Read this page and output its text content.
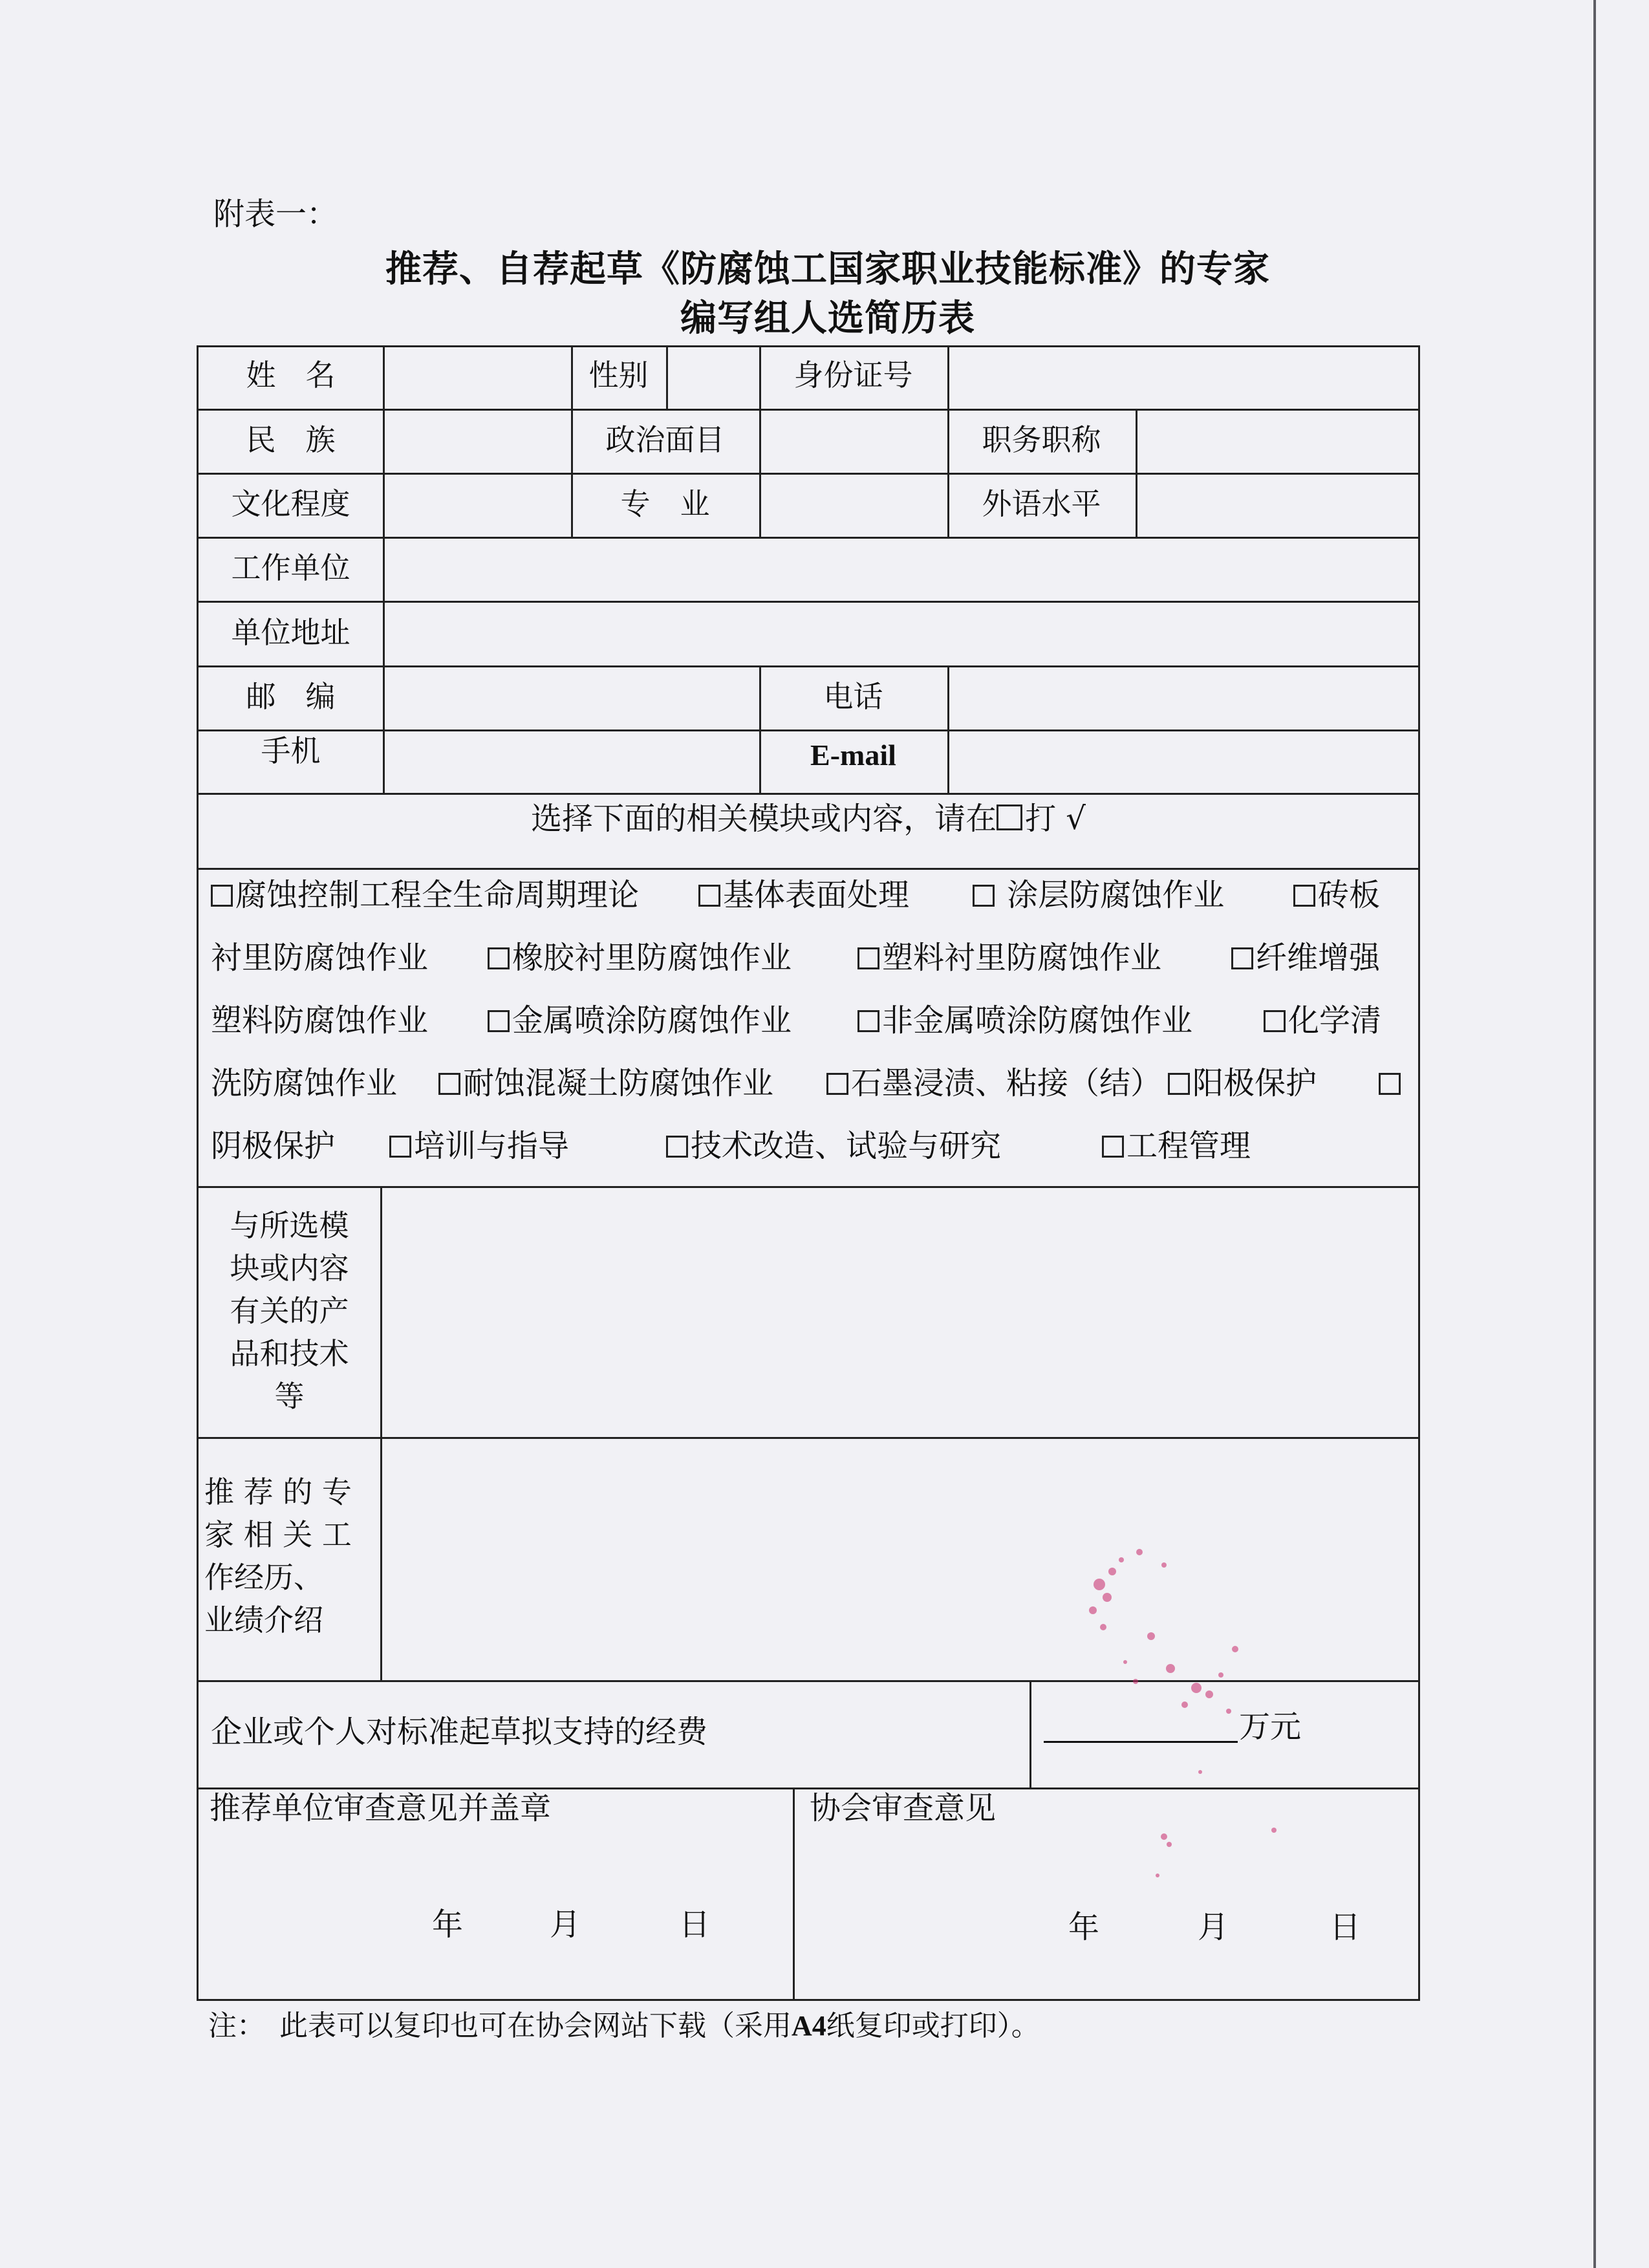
附表一：
推荐、自荐起草《防腐蚀工国家职业技能标准》的专家
编写组人选简历表
姓　名	性别	身份证号
民　族	政治面目	职务职称
文化程度	专　业	外语水平
工作单位
单位地址
邮　编	电话
手机	E-mail
选择下面的相关模块或内容，请在 打 √
腐蚀控制工程全生命周期理论	基体表面处理	涂层防腐蚀作业	砖板
衬里防腐蚀作业	橡胶衬里防腐蚀作业	塑料衬里防腐蚀作业	纤维增强
塑料防腐蚀作业	金属喷涂防腐蚀作业	非金属喷涂防腐蚀作业	化学清
洗防腐蚀作业	耐蚀混凝土防腐蚀作业	石墨浸渍、粘接（结） 阳极保护
阴极保护	培训与指导	技术改造、试验与研究	工程管理
与所选模
块或内容
有关的产
品和技术
等
推 荐 的 专
家 相 关 工
作经历、
业绩介绍
企业或个人对标准起草拟支持的经费	万元
推荐单位审查意见并盖章
年	月	日
协会审查意见
年	月	日
注：　此表可以复印也可在协会网站下载（采用A4纸复印或打印）。
